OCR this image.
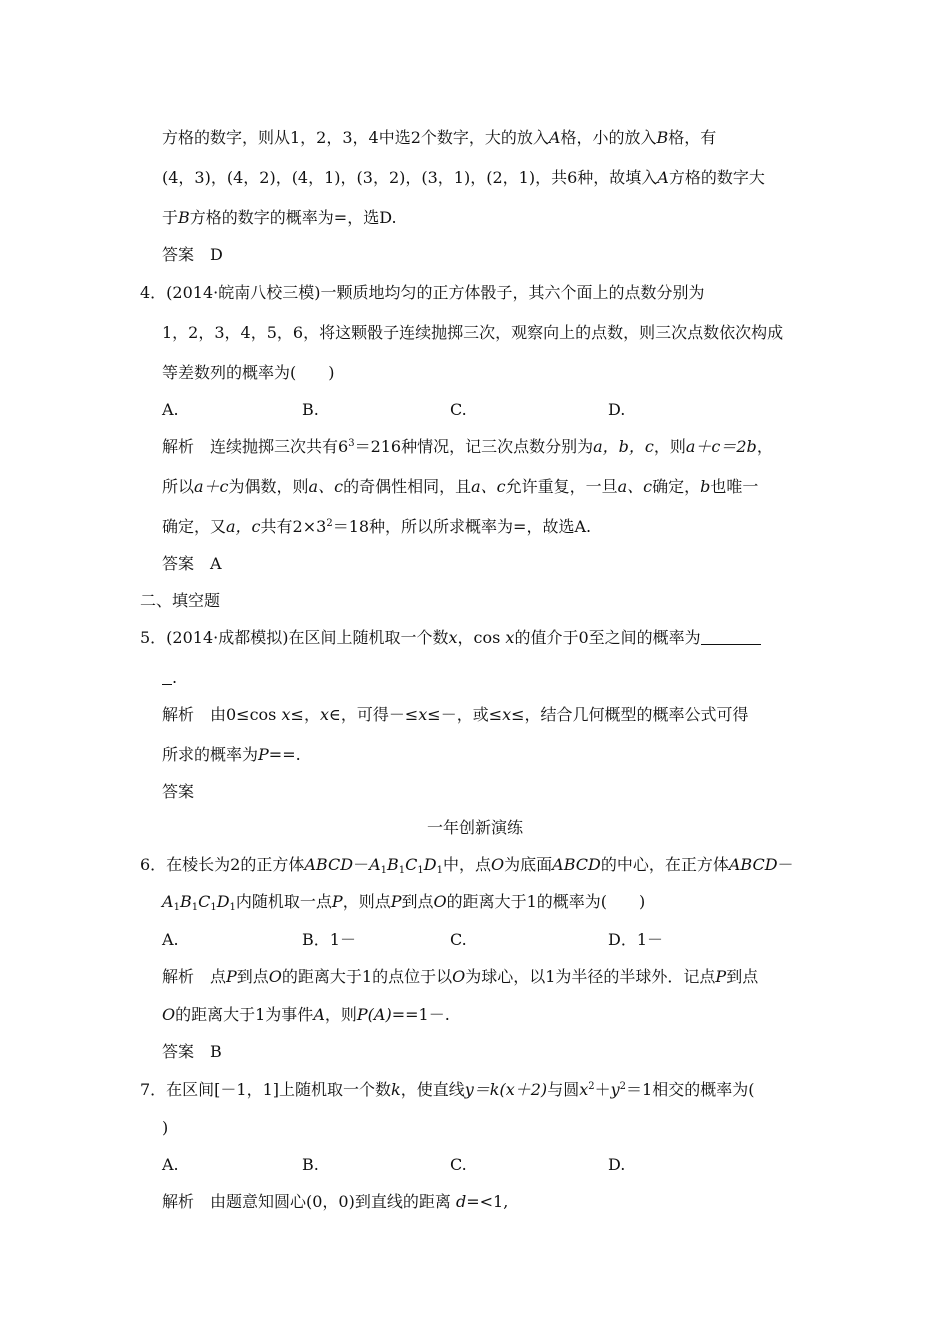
方格的数字，则从1，2，3，4中选2个数字，大的放入A格，小的放入B格，有
(4，3)，(4，2)，(4，1)，(3，2)，(3，1)，(2，1)，共6种，故填入A方格的数字大
于B方格的数字的概率为=，选D.
答案　D
4．(2014·皖南八校三模)一颗质地均匀的正方体骰子，其六个面上的点数分别为
1，2，3，4，5，6，将这颗骰子连续抛掷三次，观察向上的点数，则三次点数依次构成
等差数列的概率为(　　)
A.	B.	C.	D.
解析　连续抛掷三次共有$6^3=216$种情况，记三次点数分别为a，b，c，则a＋c＝2b，
所以a＋c为偶数，则a、c的奇偶性相同，且a、c允许重复，一旦a、c确定，b也唯一
确定，又a，c共有$2\times 3^2=18$种，所以所求概率为=，故选A.
答案　A
二、填空题
5．(2014·成都模拟)在区间上随机取一个数x，cos x的值介于0至之间的概率为
.
解析　由0≤cos x≤，x∈，可得－≤x≤－，或≤x≤，结合几何概型的概率公式可得
所求的概率为P==.
答案
一年创新演练
6．在棱长为2的正方体$ABCD-A_1B_1C_1D_1$中，点O为底面ABCD的中心，在正方体ABCD－
$A_1B_1C_1D_1$内随机取一点P，则点P到点O的距离大于1的概率为(　　)
A.	B．1－	C.	D．1－
解析　点P到点O的距离大于1的点位于以O为球心，以1为半径的半球外．记点P到点
O的距离大于1为事件A，则P(A)==1－.
答案　B
7．在区间[－1，1]上随机取一个数k，使直线y＝k(x＋2)与圆$x^2+y^2=1$相交的概率为(
)
A.	B.	C.	D.
解析　由题意知圆心(0，0)到直线的距离 d=<1,
